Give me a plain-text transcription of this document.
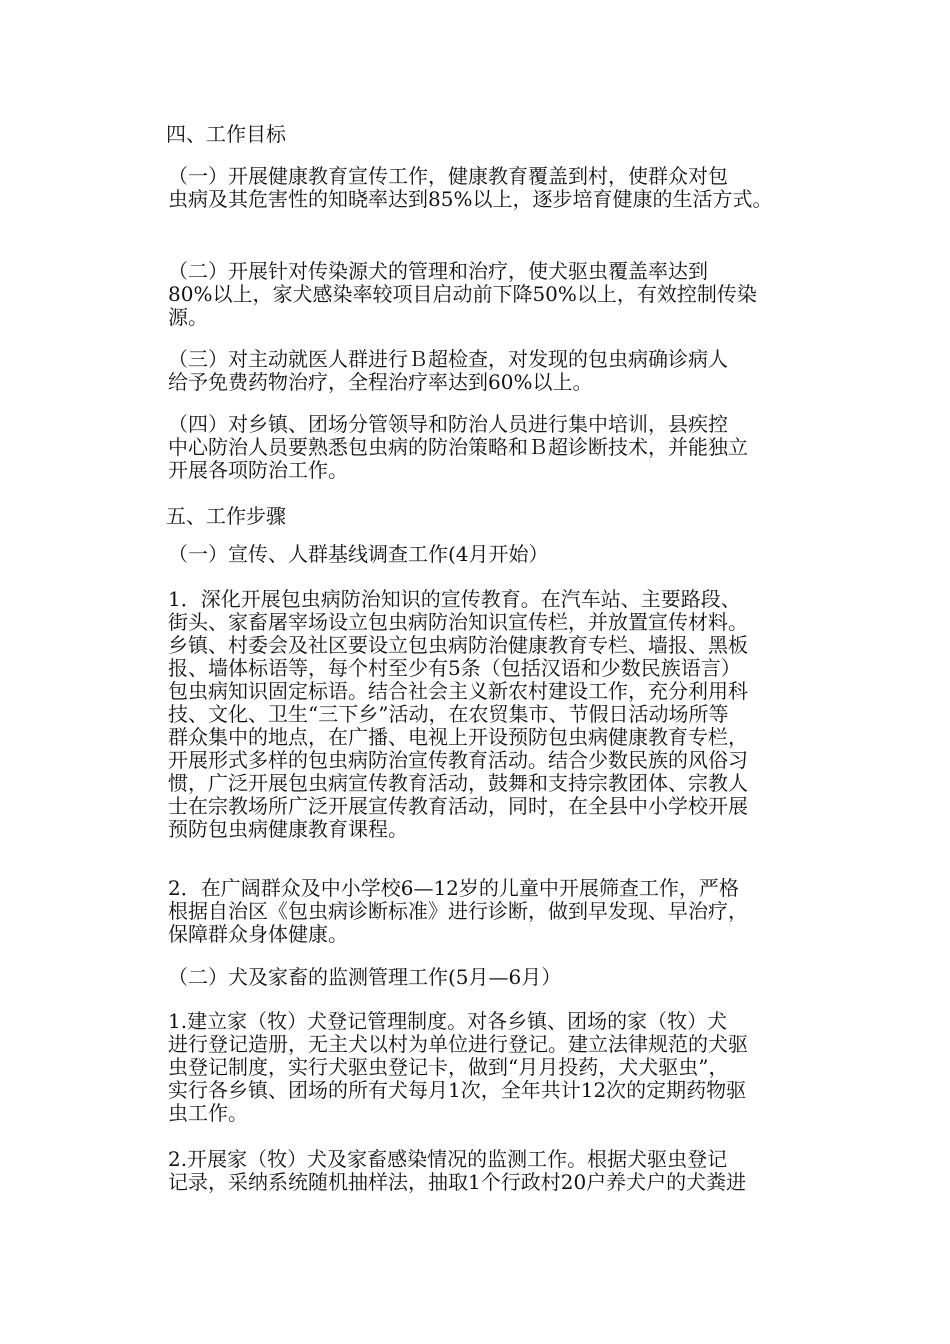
四、工作目标

（一）开展健康教育宣传工作，健康教育覆盖到村，使群众对包
虫病及其危害性的知晓率达到85%以上，逐步培育健康的生活方式。

（二）开展针对传染源犬的管理和治疗，使犬驱虫覆盖率达到
80%以上，家犬感染率较项目启动前下降50%以上，有效控制传染
源。

（三）对主动就医人群进行Ｂ超检查，对发现的包虫病确诊病人
给予免费药物治疗，全程治疗率达到60%以上。

（四）对乡镇、团场分管领导和防治人员进行集中培训，县疾控
中心防治人员要熟悉包虫病的防治策略和Ｂ超诊断技术，并能独立
开展各项防治工作。

五、工作步骤

（一）宣传、人群基线调查工作(4月开始）

1．深化开展包虫病防治知识的宣传教育。在汽车站、主要路段、
街头、家畜屠宰场设立包虫病防治知识宣传栏，并放置宣传材料。
乡镇、村委会及社区要设立包虫病防治健康教育专栏、墙报、黑板
报、墙体标语等，每个村至少有5条（包括汉语和少数民族语言）
包虫病知识固定标语。结合社会主义新农村建设工作，充分利用科
技、文化、卫生“三下乡”活动，在农贸集市、节假日活动场所等
群众集中的地点，在广播、电视上开设预防包虫病健康教育专栏，
开展形式多样的包虫病防治宣传教育活动。结合少数民族的风俗习
惯，广泛开展包虫病宣传教育活动，鼓舞和支持宗教团体、宗教人
士在宗教场所广泛开展宣传教育活动，同时，在全县中小学校开展
预防包虫病健康教育课程。

2．在广阔群众及中小学校6—12岁的儿童中开展筛查工作，严格
根据自治区《包虫病诊断标准》进行诊断，做到早发现、早治疗，
保障群众身体健康。

（二）犬及家畜的监测管理工作(5月—6月）

1.建立家（牧）犬登记管理制度。对各乡镇、团场的家（牧）犬
进行登记造册，无主犬以村为单位进行登记。建立法律规范的犬驱
虫登记制度，实行犬驱虫登记卡，做到“月月投药，犬犬驱虫”，
实行各乡镇、团场的所有犬每月1次，全年共计12次的定期药物驱
虫工作。

2.开展家（牧）犬及家畜感染情况的监测工作。根据犬驱虫登记
记录，采纳系统随机抽样法，抽取1个行政村20户养犬户的犬粪进
